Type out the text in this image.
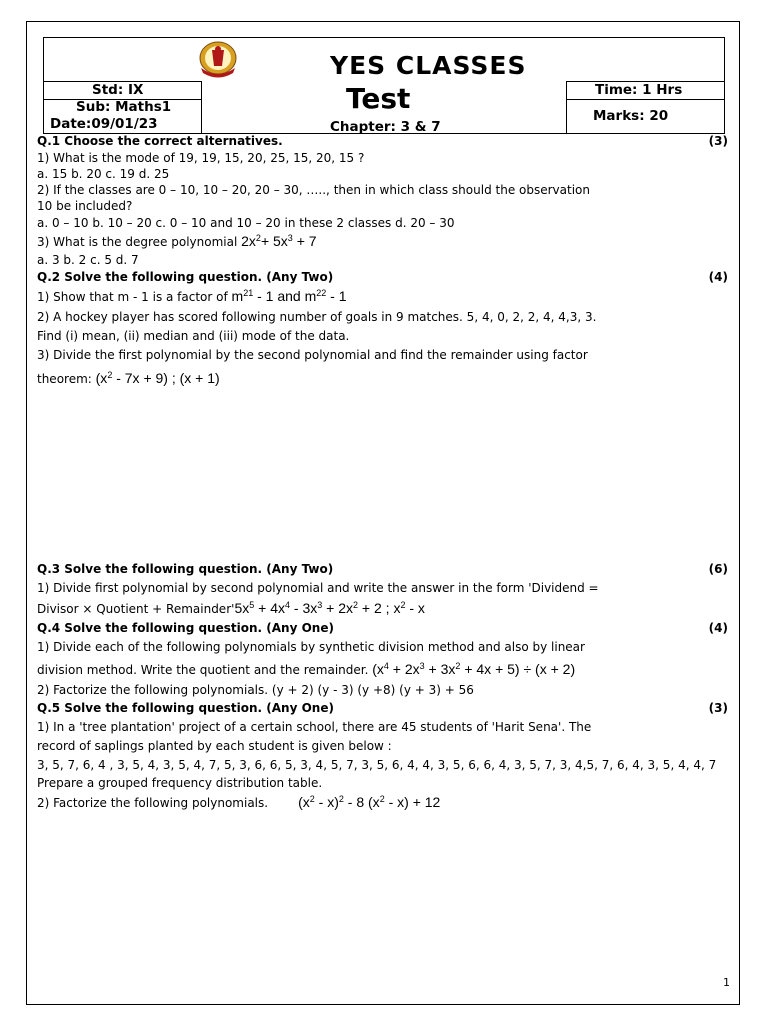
YES CLASSES
Std: IX
Sub: Maths1
Date:09/01/23
Test
Chapter: 3 & 7
Time: 1 Hrs
Marks: 20
Q.1 Choose the correct alternatives.	(3)
1) What is the mode of 19, 19, 15, 20, 25, 15, 20, 15 ?
a. 15 b. 20 c. 19 d. 25
2) If the classes are 0 – 10, 10 – 20, 20 – 30, ….., then in which class should the observation
10 be included?
a. 0 – 10 b. 10 – 20 c. 0 – 10 and 10 – 20 in these 2 classes d. 20 – 30
3) What is the degree polynomial $2x^2+ 5x^3 + 7$
a. 3 b. 2 c. 5 d. 7
Q.2 Solve the following question. (Any Two)	(4)
1) Show that m - 1 is a factor of $m^{21} - 1$ and $m^{22} - 1$
2) A hockey player has scored following number of goals in 9 matches. 5, 4, 0, 2, 2, 4, 4,3, 3.
Find (i) mean, (ii) median and (iii) mode of the data.
3) Divide the first polynomial by the second polynomial and find the remainder using factor
theorem: $(x^2 - 7x + 9)$ ; (x + 1)
Q.3 Solve the following question. (Any Two)	(6)
1) Divide first polynomial by second polynomial and write the answer in the form 'Dividend =
Divisor × Quotient + $Remainder'5x^5 + 4x^4 - 3x^3 + 2x^2 + 2$ ; $x^2$ - x
Q.4 Solve the following question. (Any One)	(4)
1) Divide each of the following polynomials by synthetic division method and also by linear
division method. Write the quotient and the remainder. $(x^4 + 2x^3 + 3x^2 + 4x + 5) \div (x + 2)$
2) Factorize the following polynomials. (y + 2) (y - 3) (y +8) (y + 3) + 56
Q.5 Solve the following question. (Any One)	(3)
1) In a 'tree plantation' project of a certain school, there are 45 students of 'Harit Sena'. The
record of saplings planted by each student is given below :
3, 5, 7, 6, 4 , 3, 5, 4, 3, 5, 4, 7, 5, 3, 6, 6, 5, 3, 4, 5, 7, 3, 5, 6, 4, 4, 3, 5, 6, 6, 4, 3, 5, 7, 3, 4,5, 7, 6, 4, 3, 5, 4, 4, 7
Prepare a grouped frequency distribution table.
2) Factorize the following polynomials. $(x^2 - x)^2 - 8$ $(x^2 - x) + 12$
1
